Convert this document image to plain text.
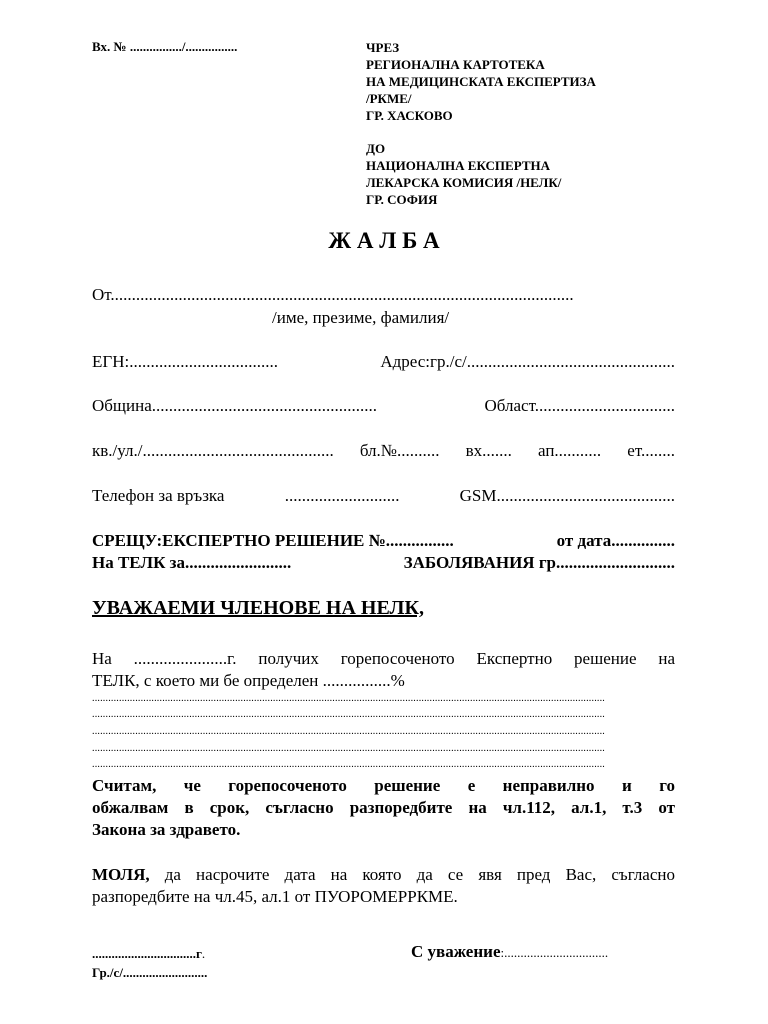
Вх. № ................/................	ЧРЕЗ
РЕГИОНАЛНА КАРТОТЕКА
НА МЕДИЦИНСКАТА ЕКСПЕРТИЗА
/РКМЕ/
ГР. ХАСКОВО
ДО
НАЦИОНАЛНА ЕКСПЕРТНА
ЛЕКАРСКА КОМИСИЯ /НЕЛК/
ГР. СОФИЯ
Ж А Л Б А
От.............................................................................................................
/име, презиме, фамилия/
ЕГН:...................................	Адрес:гр./с/.................................................
Община.....................................................	Област.................................
кв./ул./............................................. бл.№.......... вх....... ап........... ет........
Телефон за връзка	...........................	GSM..........................................
СРЕЩУ:ЕКСПЕРТНО РЕШЕНИЕ №................	от дата...............
На ТЕЛК за.........................	ЗАБОЛЯВАНИЯ гр............................
УВАЖАЕМИ ЧЛЕНОВЕ НА НЕЛК,
На ......................г. получих горепосоченото Експертно решение на
ТЕЛК, с което ми бе определен ................%
..............................................................................................................................................................................................
..............................................................................................................................................................................................
..............................................................................................................................................................................................
..............................................................................................................................................................................................
..............................................................................................................................................................................................
Считам, че горепосоченото решение е неправилно и го
обжалвам в срок, съгласно разпоредбите на чл.112, ал.1, т.3 от
Закона за здравето.
МОЛЯ, да насрочите дата на която да се явя пред Вас, съгласно
разпоредбите на чл.45, ал.1 от ПУОРОМЕРРКМЕ.
................................г.
Гр./с/..........................
С уважение:................................
